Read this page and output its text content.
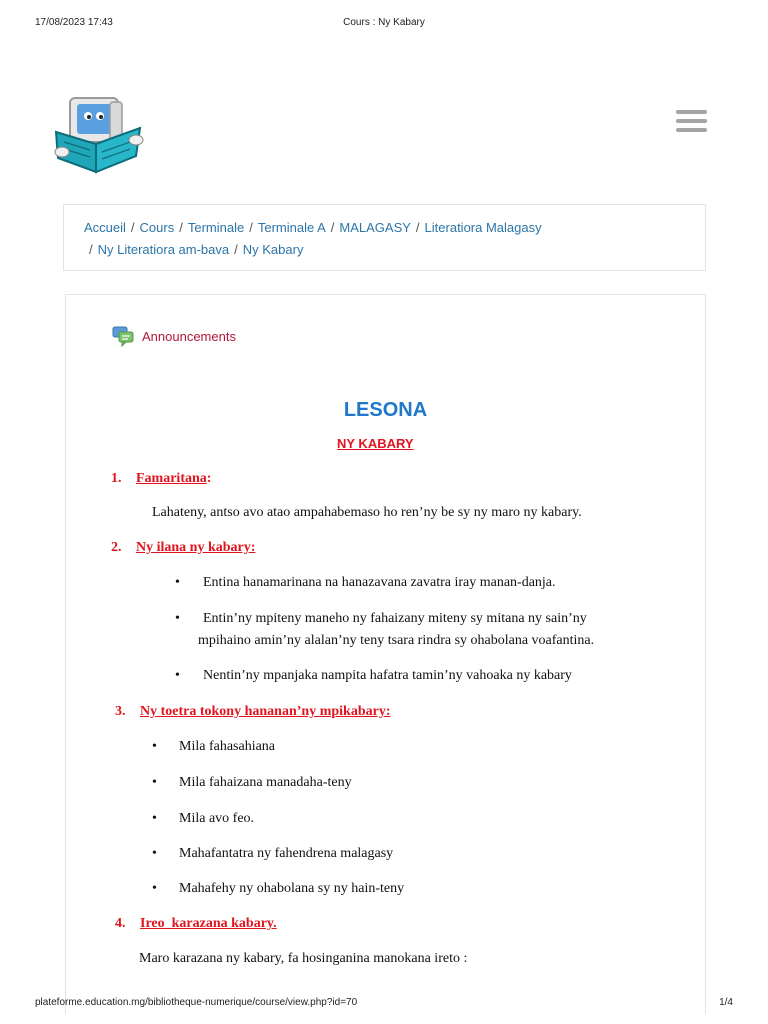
17/08/2023 17:43	Cours : Ny Kabary
Accueil / Cours / Terminale / Terminale A / MALAGASY / Literatiora Malagasy
/ Ny Literatiora am-bava / Ny Kabary
Announcements
LESONA
NY KABARY
1. Famaritana:
Lahateny, antso avo atao ampahabemaso ho ren’ny be sy ny maro ny kabary.
2. Ny ilana ny kabary:
•	Entina hanamarinana na hanazavana zavatra iray manan-danja.
•	Entin’ny mpiteny maneho ny fahaizany miteny sy mitana ny sain’ny
mpihaino amin’ny alalan’ny teny tsara rindra sy ohabolana voafantina.
•	Nentin’ny mpanjaka nampita hafatra tamin’ny vahoaka ny kabary
3. Ny toetra tokony hananan’ny mpikabary:
•	Mila fahasahiana
•	Mila fahaizana manadaha-teny
•	Mila avo feo.
•	Mahafantatra ny fahendrena malagasy
•	Mahafehy ny ohabolana sy ny hain-teny
4. Ireo  karazana kabary.
Maro karazana ny kabary, fa hosinganina manokana ireto :
plateforme.education.mg/bibliotheque-numerique/course/view.php?id=70	1/4
